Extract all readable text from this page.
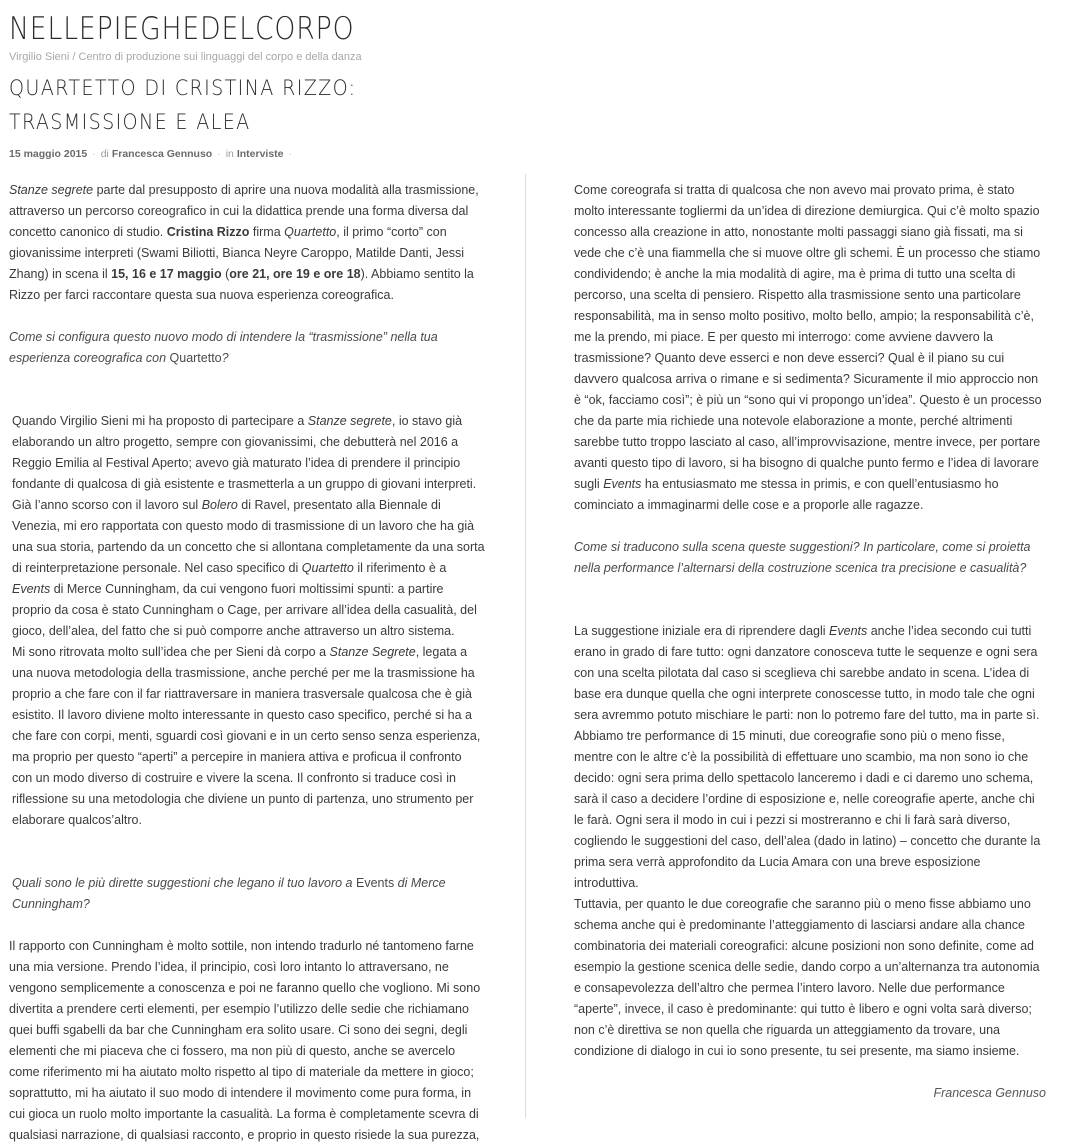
NELLEPIEGHEDELCORPO

Virgilio Sieni / Centro di produzione sui linguaggi del corpo e della danza

QUARTETTO DI CRISTINA RIZZO: TRASMISSIONE E ALEA
15 maggio 2015 · di Francesca Gennuso · in Interviste ·

Stanze segrete parte dal presupposto di aprire una nuova modalità alla trasmissione, attraverso un percorso coreografico in cui la didattica prende una forma diversa dal concetto canonico di studio. Cristina Rizzo firma Quartetto, il primo “corto” con giovanissime interpreti (Swami Biliotti, Bianca Neyre Caroppo, Matilde Danti, Jessi Zhang) in scena il 15, 16 e 17 maggio (ore 21, ore 19 e ore 18). Abbiamo sentito la Rizzo per farci raccontare questa sua nuova esperienza coreografica.

Come si configura questo nuovo modo di intendere la “trasmissione” nella tua esperienza coreografica con Quartetto?

Quando Virgilio Sieni mi ha proposto di partecipare a Stanze segrete, io stavo già elaborando un altro progetto, sempre con giovanissimi, che debutterà nel 2016 a Reggio Emilia al Festival Aperto; avevo già maturato l’idea di prendere il principio fondante di qualcosa di già esistente e trasmetterla a un gruppo di giovani interpreti. Già l’anno scorso con il lavoro sul Bolero di Ravel, presentato alla Biennale di Venezia, mi ero rapportata con questo modo di trasmissione di un lavoro che ha già una sua storia, partendo da un concetto che si allontana completamente da una sorta di reinterpretazione personale. Nel caso specifico di Quartetto il riferimento è a Events di Merce Cunningham, da cui vengono fuori moltissimi spunti: a partire proprio da cosa è stato Cunningham o Cage, per arrivare all’idea della casualità, del gioco, dell’alea, del fatto che si può comporre anche attraverso un altro sistema.

Mi sono ritrovata molto sull’idea che per Sieni dà corpo a Stanze Segrete, legata a una nuova metodologia della trasmissione, anche perché per me la trasmissione ha proprio a che fare con il far riattraversare in maniera trasversale qualcosa che è già esistito. Il lavoro diviene molto interessante in questo caso specifico, perché si ha a che fare con corpi, menti, sguardi così giovani e in un certo senso senza esperienza, ma proprio per questo “aperti” a percepire in maniera attiva e proficua il confronto con un modo diverso di costruire e vivere la scena. Il confronto si traduce così in riflessione su una metodologia che diviene un punto di partenza, uno strumento per elaborare qualcos’altro.

Quali sono le più dirette suggestioni che legano il tuo lavoro a Events di Merce Cunningham?

Il rapporto con Cunningham è molto sottile, non intendo tradurlo né tantomeno farne una mia versione. Prendo l’idea, il principio, così loro intanto lo attraversano, ne vengono semplicemente a conoscenza e poi ne faranno quello che vogliono. Mi sono divertita a prendere certi elementi, per esempio l’utilizzo delle sedie che richiamano quei buffi sgabelli da bar che Cunningham era solito usare. Ci sono dei segni, degli elementi che mi piaceva che ci fossero, ma non più di questo, anche se avercelo come riferimento mi ha aiutato molto rispetto al tipo di materiale da mettere in gioco; soprattutto, mi ha aiutato il suo modo di intendere il movimento come pura forma, in cui gioca un ruolo molto importante la casualità. La forma è completamente scevra di qualsiasi narrazione, di qualsiasi racconto, e proprio in questo risiede la sua purezza,

Come coreografa si tratta di qualcosa che non avevo mai provato prima, è stato molto interessante togliermi da un’idea di direzione demiurgica. Qui c’è molto spazio concesso alla creazione in atto, nonostante molti passaggi siano già fissati, ma si vede che c’è una fiammella che si muove oltre gli schemi. È un processo che stiamo condividendo; è anche la mia modalità di agire, ma è prima di tutto una scelta di percorso, una scelta di pensiero. Rispetto alla trasmissione sento una particolare responsabilità, ma in senso molto positivo, molto bello, ampio; la responsabilità c’è, me la prendo, mi piace. E per questo mi interrogo: come avviene davvero la trasmissione? Quanto deve esserci e non deve esserci? Qual è il piano su cui davvero qualcosa arriva o rimane e si sedimenta? Sicuramente il mio approccio non è “ok, facciamo così”; è più un “sono qui vi propongo un’idea”. Questo è un processo che da parte mia richiede una notevole elaborazione a monte, perché altrimenti sarebbe tutto troppo lasciato al caso, all’improvvisazione, mentre invece, per portare avanti questo tipo di lavoro, si ha bisogno di qualche punto fermo e l’idea di lavorare sugli Events ha entusiasmato me stessa in primis, e con quell’entusiasmo ho cominciato a immaginarmi delle cose e a proporle alle ragazze.

Come si traducono sulla scena queste suggestioni? In particolare, come si proietta nella performance l’alternarsi della costruzione scenica tra precisione e casualità?

La suggestione iniziale era di riprendere dagli Events anche l’idea secondo cui tutti erano in grado di fare tutto: ogni danzatore conosceva tutte le sequenze e ogni sera con una scelta pilotata dal caso si sceglieva chi sarebbe andato in scena. L’idea di base era dunque quella che ogni interprete conoscesse tutto, in modo tale che ogni sera avremmo potuto mischiare le parti: non lo potremo fare del tutto, ma in parte sì. Abbiamo tre performance di 15 minuti, due coreografie sono più o meno fisse, mentre con le altre c’è la possibilità di effettuare uno scambio, ma non sono io che decido: ogni sera prima dello spettacolo lanceremo i dadi e ci daremo uno schema, sarà il caso a decidere l’ordine di esposizione e, nelle coreografie aperte, anche chi le farà. Ogni sera il modo in cui i pezzi si mostreranno e chi li farà sarà diverso, cogliendo le suggestioni del caso, dell’alea (dado in latino) – concetto che durante la prima sera verrà approfondito da Lucia Amara con una breve esposizione introduttiva.

Tuttavia, per quanto le due coreografie che saranno più o meno fisse abbiamo uno schema anche qui è predominante l’atteggiamento di lasciarsi andare alla chance combinatoria dei materiali coreografici: alcune posizioni non sono definite, come ad esempio la gestione scenica delle sedie, dando corpo a un’alternanza tra autonomia e consapevolezza dell’altro che permea l’intero lavoro. Nelle due performance “aperte”, invece, il caso è predominante: qui tutto è libero e ogni volta sarà diverso; non c’è direttiva se non quella che riguarda un atteggiamento da trovare, una condizione di dialogo in cui io sono presente, tu sei presente, ma siamo insieme.

Francesca Gennuso
